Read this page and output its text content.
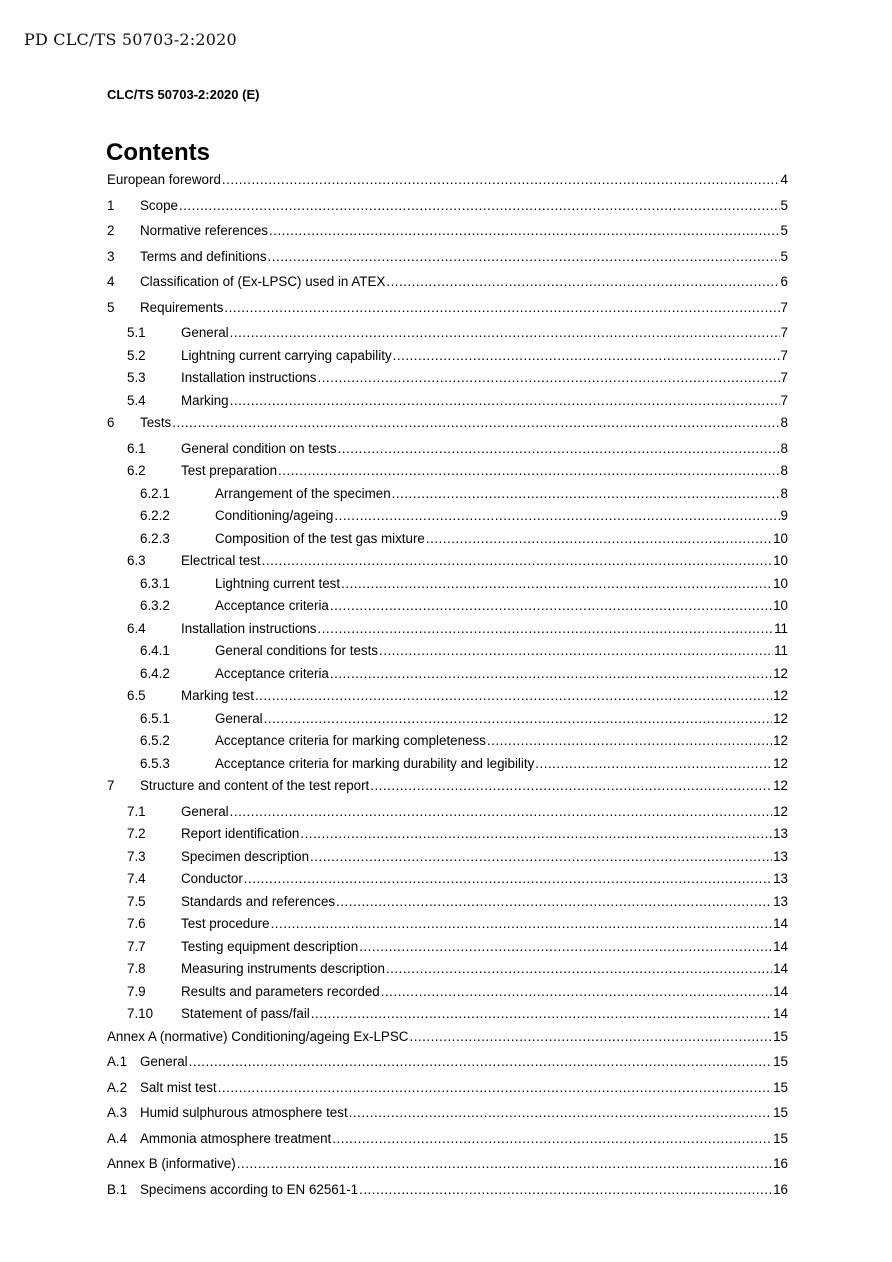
PD CLC/TS 50703-2:2020
CLC/TS 50703-2:2020 (E)
Contents
European foreword .....	4
1	Scope .....	5
2	Normative references .....	5
3	Terms and definitions .....	5
4	Classification of (Ex-LPSC) used in ATEX .....	6
5	Requirements .....	7
5.1	General .....	7
5.2	Lightning current carrying capability .....	7
5.3	Installation instructions .....	7
5.4	Marking .....	7
6	Tests .....	8
6.1	General condition on tests .....	8
6.2	Test preparation .....	8
6.2.1	Arrangement of the specimen .....	8
6.2.2	Conditioning/ageing .....	9
6.2.3	Composition of the test gas mixture .....	10
6.3	Electrical test .....	10
6.3.1	Lightning current test .....	10
6.3.2	Acceptance criteria .....	10
6.4	Installation instructions .....	11
6.4.1	General conditions for tests .....	11
6.4.2	Acceptance criteria .....	12
6.5	Marking test .....	12
6.5.1	General .....	12
6.5.2	Acceptance criteria for marking completeness .....	12
6.5.3	Acceptance criteria for marking durability and legibility .....	12
7	Structure and content of the test report .....	12
7.1	General .....	12
7.2	Report identification .....	13
7.3	Specimen description .....	13
7.4	Conductor .....	13
7.5	Standards and references .....	13
7.6	Test procedure .....	14
7.7	Testing equipment description .....	14
7.8	Measuring instruments description .....	14
7.9	Results and parameters recorded .....	14
7.10	Statement of pass/fail .....	14
Annex A (normative) Conditioning/ageing Ex-LPSC .....	15
A.1 General .....	15
A.2 Salt mist test .....	15
A.3 Humid sulphurous atmosphere test .....	15
A.4 Ammonia atmosphere treatment .....	15
Annex B (informative) .....	16
B.1 Specimens according to EN 62561-1 .....	16
